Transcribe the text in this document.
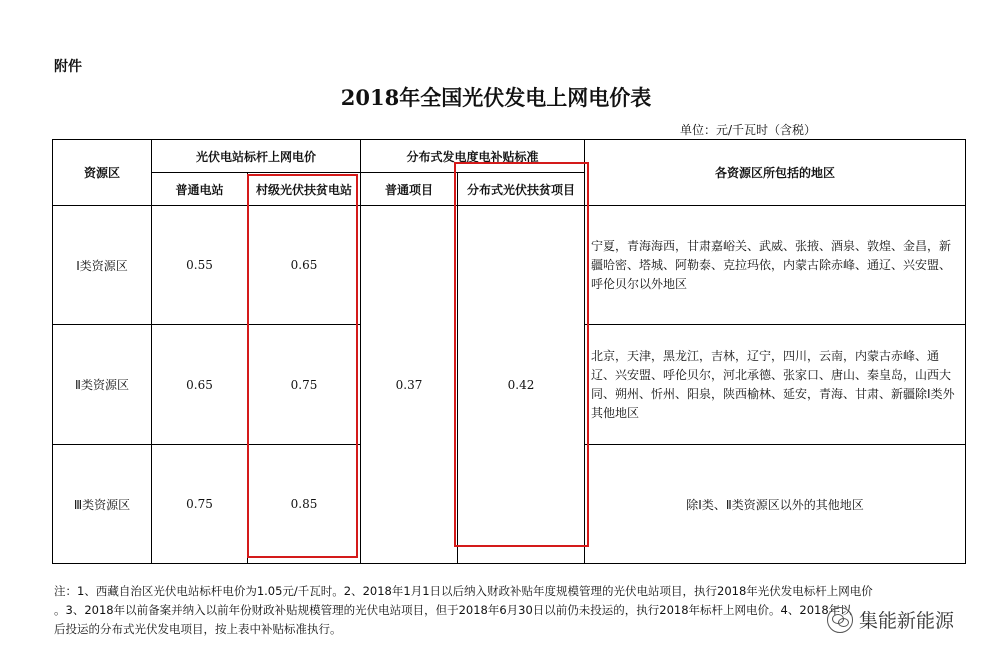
附件
2018年全国光伏发电上网电价表
单位：元/千瓦时（含税）
资源区	光伏电站标杆上网电价		分布式发电度电补贴标准		各资源区所包括的地区
	普通电站	村级光伏扶贫电站	普通项目	分布式光伏扶贫项目	
Ⅰ类资源区	0.55	0.65	0.37	0.42	宁夏，青海海西，甘肃嘉峪关、武威、张掖、酒泉、敦煌、金昌，新疆哈密、塔城、阿勒泰、克拉玛依，内蒙古除赤峰、通辽、兴安盟、呼伦贝尔以外地区
Ⅱ类资源区	0.65	0.75			北京，天津，黑龙江，吉林，辽宁，四川，云南，内蒙古赤峰、通辽、兴安盟、呼伦贝尔，河北承德、张家口、唐山、秦皇岛，山西大同、朔州、忻州、阳泉，陕西榆林、延安，青海、甘肃、新疆除Ⅰ类外其他地区
Ⅲ类资源区	0.75	0.85			除Ⅰ类、Ⅱ类资源区以外的其他地区
注：1、西藏自治区光伏电站标杆电价为1.05元/千瓦时。2、2018年1月1日以后纳入财政补贴年度规模管理的光伏电站项目，执行2018年光伏发电标杆上网电价
。3、2018年以前备案并纳入以前年份财政补贴规模管理的光伏电站项目，但于2018年6月30日以前仍未投运的，执行2018年标杆上网电价。4、2018年以
后投运的分布式光伏发电项目，按上表中补贴标准执行。	集能新能源
